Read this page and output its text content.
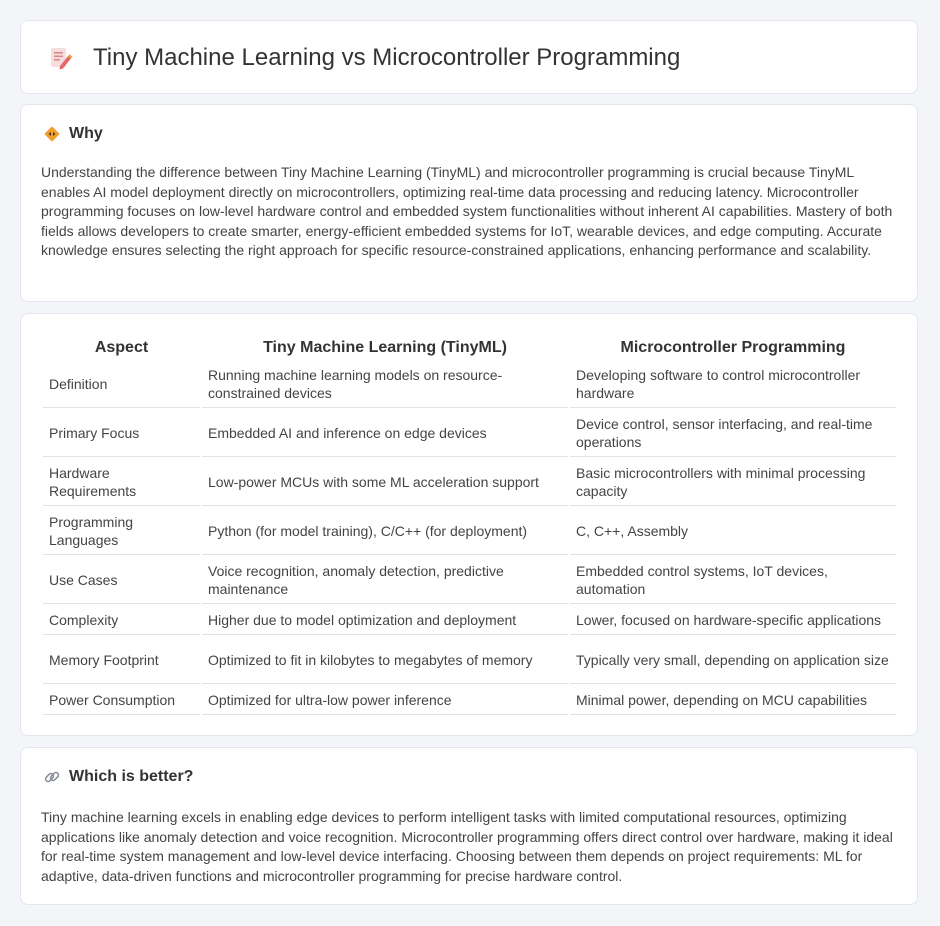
Tiny Machine Learning vs Microcontroller Programming
Why

Understanding the difference between Tiny Machine Learning (TinyML) and microcontroller programming is crucial because TinyML enables AI model deployment directly on microcontrollers, optimizing real-time data processing and reducing latency. Microcontroller programming focuses on low-level hardware control and embedded system functionalities without inherent AI capabilities. Mastery of both fields allows developers to create smarter, energy-efficient embedded systems for IoT, wearable devices, and edge computing. Accurate knowledge ensures selecting the right approach for specific resource-constrained applications, enhancing performance and scalability.

Aspect	Tiny Machine Learning (TinyML)	Microcontroller Programming
Definition	Running machine learning models on resource-constrained devices	Developing software to control microcontroller hardware
Primary Focus	Embedded AI and inference on edge devices	Device control, sensor interfacing, and real-time operations
Hardware Requirements	Low-power MCUs with some ML acceleration support	Basic microcontrollers with minimal processing capacity
Programming Languages	Python (for model training), C/C++ (for deployment)	C, C++, Assembly
Use Cases	Voice recognition, anomaly detection, predictive maintenance	Embedded control systems, IoT devices, automation
Complexity	Higher due to model optimization and deployment	Lower, focused on hardware-specific applications
Memory Footprint	Optimized to fit in kilobytes to megabytes of memory	Typically very small, depending on application size
Power Consumption	Optimized for ultra-low power inference	Minimal power, depending on MCU capabilities
Which is better?

Tiny machine learning excels in enabling edge devices to perform intelligent tasks with limited computational resources, optimizing applications like anomaly detection and voice recognition. Microcontroller programming offers direct control over hardware, making it ideal for real-time system management and low-level device interfacing. Choosing between them depends on project requirements: ML for adaptive, data-driven functions and microcontroller programming for precise hardware control.
